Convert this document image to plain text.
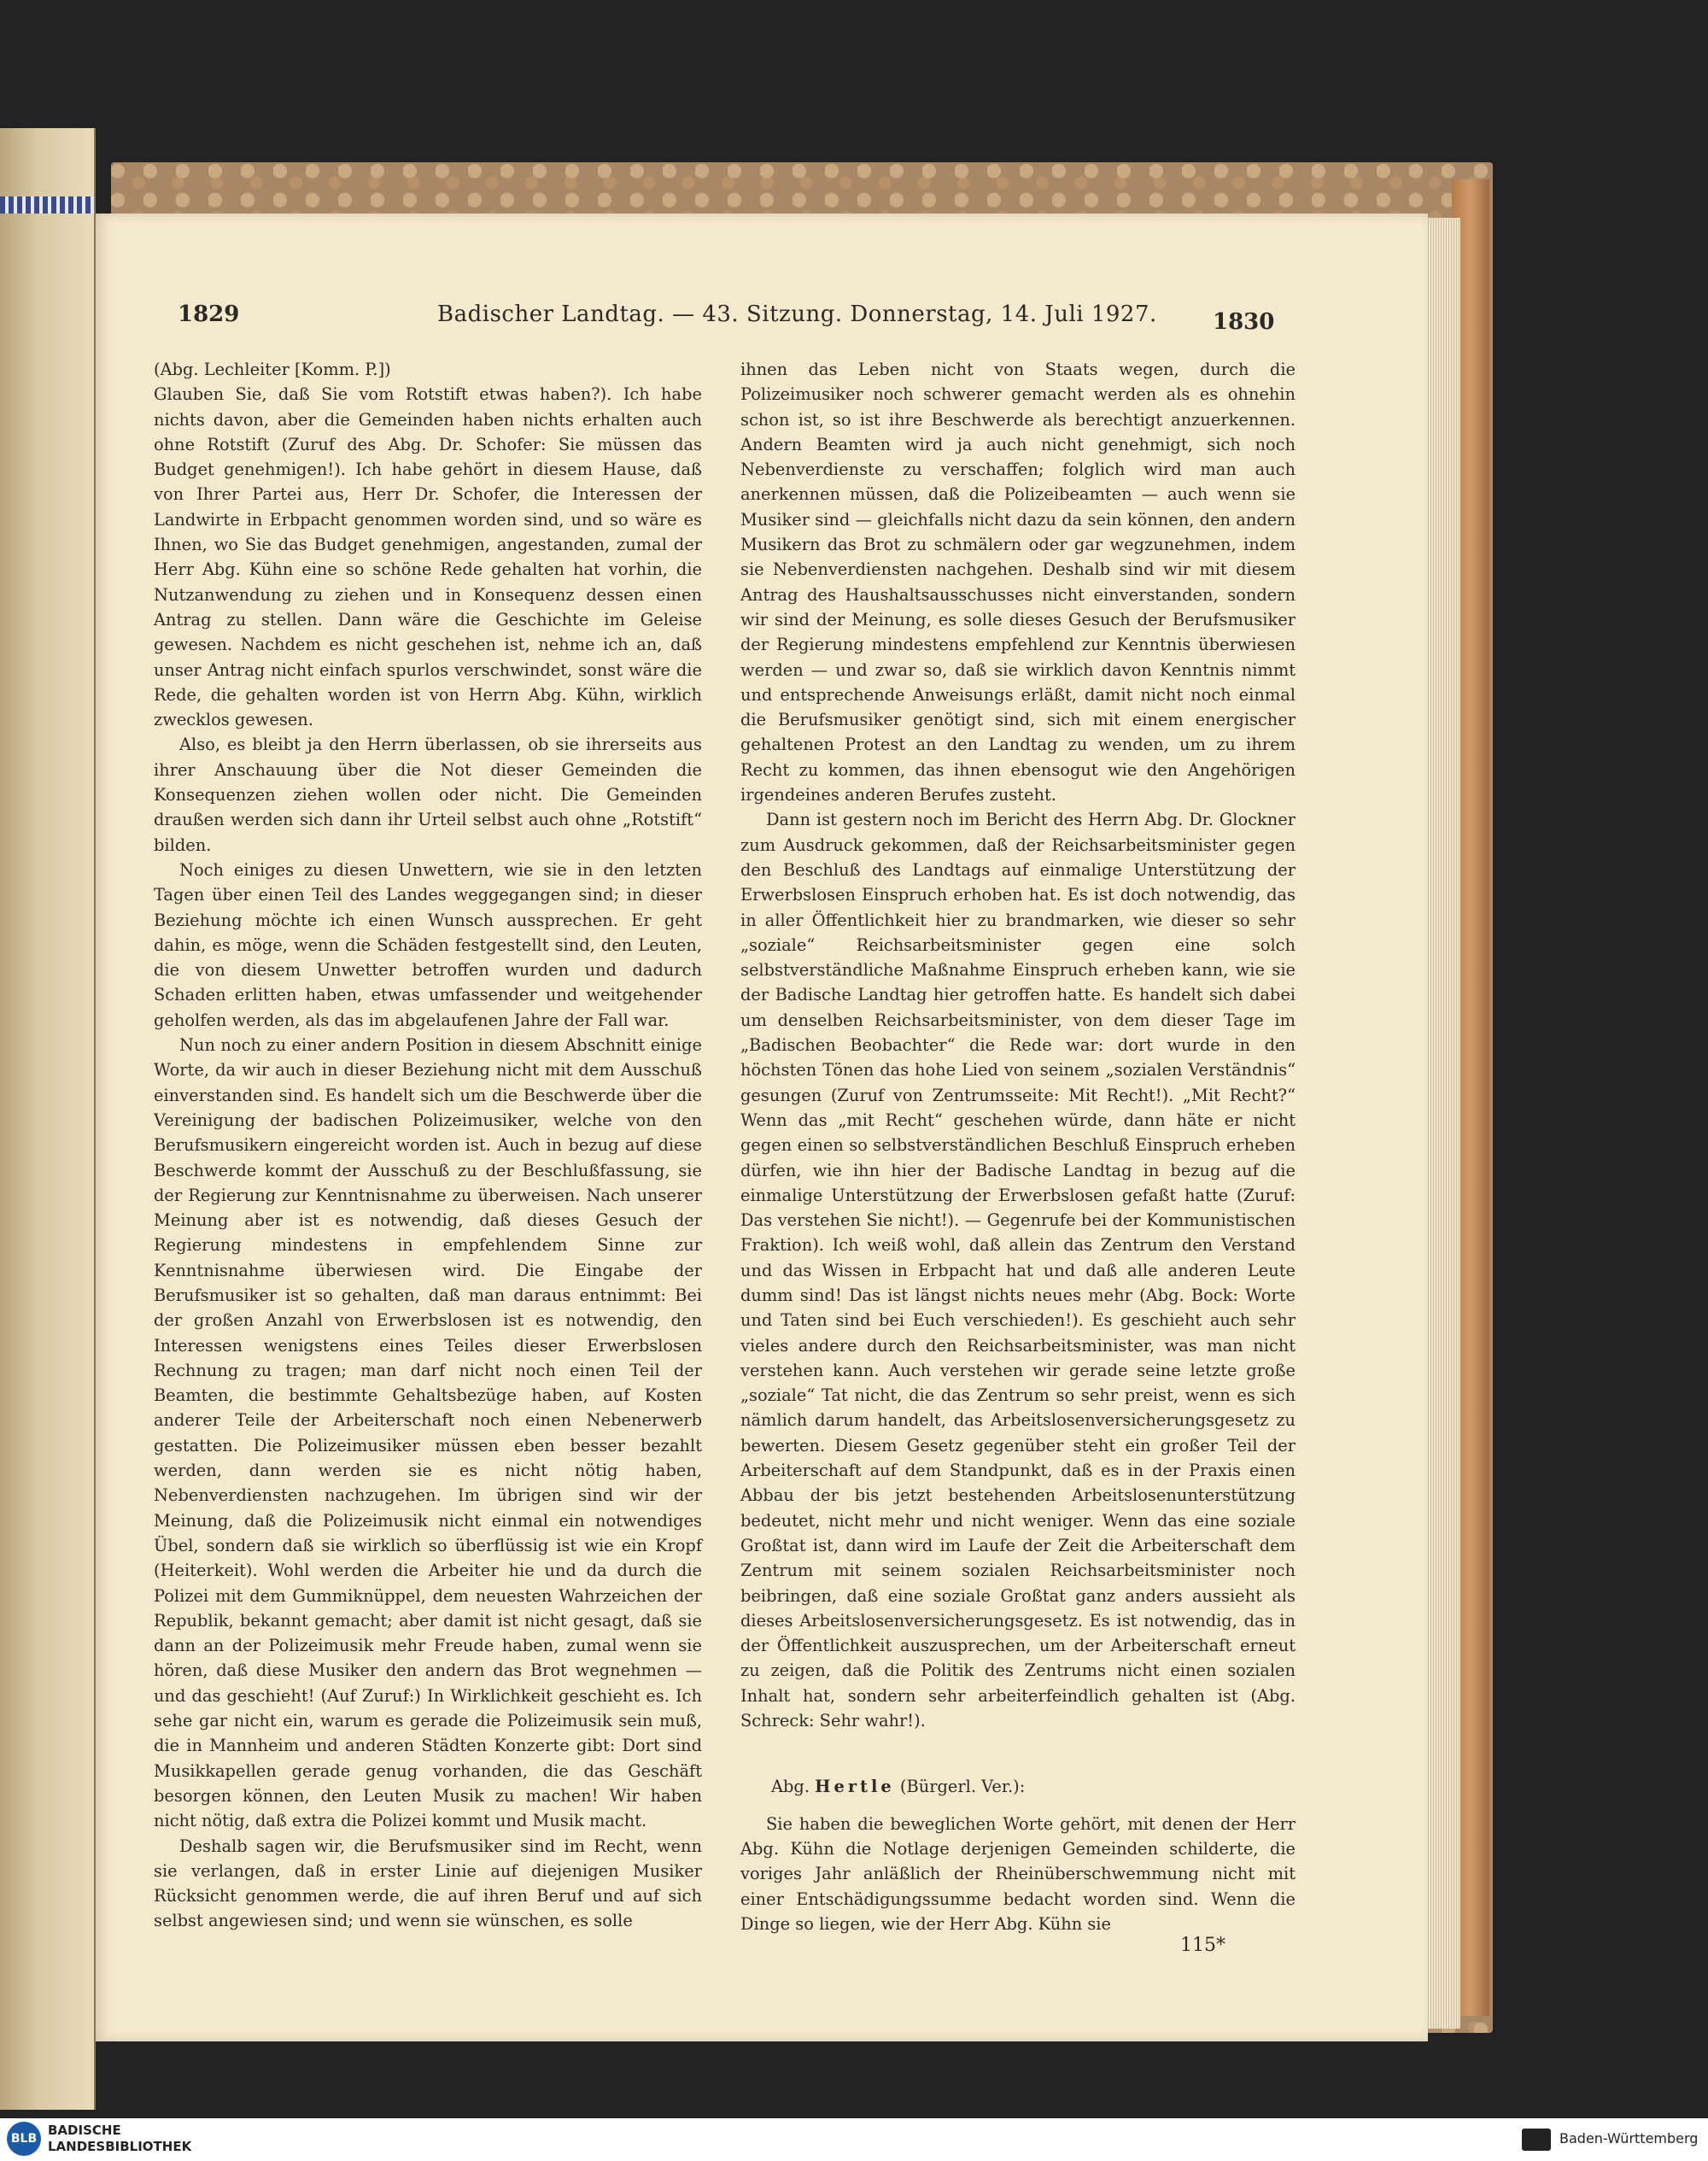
1829	Badischer Landtag. — 43. Sitzung. Donnerstag, 14. Juli 1927.	1830

(Abg. Lechleiter [Komm. P.])

Glauben Sie, daß Sie vom Rotstift etwas haben?). Ich habe nichts davon, aber die Gemeinden haben nichts erhalten auch ohne Rotstift (Zuruf des Abg. Dr. Schofer: Sie müssen das Budget genehmigen!). Ich habe gehört in diesem Hause, daß von Ihrer Partei aus, Herr Dr. Schofer, die Interessen der Landwirte in Erbpacht genommen worden sind, und so wäre es Ihnen, wo Sie das Budget genehmigen, angestanden, zumal der Herr Abg. Kühn eine so schöne Rede gehalten hat vorhin, die Nutzanwendung zu ziehen und in Konsequenz dessen einen Antrag zu stellen. Dann wäre die Geschichte im Geleise gewesen. Nachdem es nicht geschehen ist, nehme ich an, daß unser Antrag nicht einfach spurlos verschwindet, sonst wäre die Rede, die gehalten worden ist von Herrn Abg. Kühn, wirklich zwecklos gewesen.

Also, es bleibt ja den Herrn überlassen, ob sie ihrerseits aus ihrer Anschauung über die Not dieser Gemeinden die Konsequenzen ziehen wollen oder nicht. Die Gemeinden draußen werden sich dann ihr Urteil selbst auch ohne „Rotstift“ bilden.

Noch einiges zu diesen Unwettern, wie sie in den letzten Tagen über einen Teil des Landes weggegangen sind; in dieser Beziehung möchte ich einen Wunsch aussprechen. Er geht dahin, es möge, wenn die Schäden festgestellt sind, den Leuten, die von diesem Unwetter betroffen wurden und dadurch Schaden erlitten haben, etwas umfassender und weitgehender geholfen werden, als das im abgelaufenen Jahre der Fall war.

Nun noch zu einer andern Position in diesem Abschnitt einige Worte, da wir auch in dieser Beziehung nicht mit dem Ausschuß einverstanden sind. Es handelt sich um die Beschwerde über die Vereinigung der badischen Polizeimusiker, welche von den Berufsmusikern eingereicht worden ist. Auch in bezug auf diese Beschwerde kommt der Ausschuß zu der Beschlußfassung, sie der Regierung zur Kenntnisnahme zu überweisen. Nach unserer Meinung aber ist es notwendig, daß dieses Gesuch der Regierung mindestens in empfehlendem Sinne zur Kenntnisnahme überwiesen wird. Die Eingabe der Berufsmusiker ist so gehalten, daß man daraus entnimmt: Bei der großen Anzahl von Erwerbslosen ist es notwendig, den Interessen wenigstens eines Teiles dieser Erwerbslosen Rechnung zu tragen; man darf nicht noch einen Teil der Beamten, die bestimmte Gehaltsbezüge haben, auf Kosten anderer Teile der Arbeiterschaft noch einen Nebenerwerb gestatten. Die Polizeimusiker müssen eben besser bezahlt werden, dann werden sie es nicht nötig haben, Nebenverdiensten nachzugehen. Im übrigen sind wir der Meinung, daß die Polizeimusik nicht einmal ein notwendiges Übel, sondern daß sie wirklich so überflüssig ist wie ein Kropf (Heiterkeit). Wohl werden die Arbeiter hie und da durch die Polizei mit dem Gummiknüppel, dem neuesten Wahrzeichen der Republik, bekannt gemacht; aber damit ist nicht gesagt, daß sie dann an der Polizeimusik mehr Freude haben, zumal wenn sie hören, daß diese Musiker den andern das Brot wegnehmen — und das geschieht! (Auf Zuruf:) In Wirklichkeit geschieht es. Ich sehe gar nicht ein, warum es gerade die Polizeimusik sein muß, die in Mannheim und anderen Städten Konzerte gibt: Dort sind Musikkapellen gerade genug vorhanden, die das Geschäft besorgen können, den Leuten Musik zu machen! Wir haben nicht nötig, daß extra die Polizei kommt und Musik macht.

Deshalb sagen wir, die Berufsmusiker sind im Recht, wenn sie verlangen, daß in erster Linie auf diejenigen Musiker Rücksicht genommen werde, die auf ihren Beruf und auf sich selbst angewiesen sind; und wenn sie wünschen, es solle

ihnen das Leben nicht von Staats wegen, durch die Polizeimusiker noch schwerer gemacht werden als es ohnehin schon ist, so ist ihre Beschwerde als berechtigt anzuerkennen. Andern Beamten wird ja auch nicht genehmigt, sich noch Nebenverdienste zu verschaffen; folglich wird man auch anerkennen müssen, daß die Polizeibeamten — auch wenn sie Musiker sind — gleichfalls nicht dazu da sein können, den andern Musikern das Brot zu schmälern oder gar wegzunehmen, indem sie Nebenverdiensten nachgehen. Deshalb sind wir mit diesem Antrag des Haushaltsausschusses nicht einverstanden, sondern wir sind der Meinung, es solle dieses Gesuch der Berufsmusiker der Regierung mindestens empfehlend zur Kenntnis überwiesen werden — und zwar so, daß sie wirklich davon Kenntnis nimmt und entsprechende Anweisungs erläßt, damit nicht noch einmal die Berufsmusiker genötigt sind, sich mit einem energischer gehaltenen Protest an den Landtag zu wenden, um zu ihrem Recht zu kommen, das ihnen ebensogut wie den Angehörigen irgendeines anderen Berufes zusteht.

Dann ist gestern noch im Bericht des Herrn Abg. Dr. Glockner zum Ausdruck gekommen, daß der Reichsarbeitsminister gegen den Beschluß des Landtags auf einmalige Unterstützung der Erwerbslosen Einspruch erhoben hat. Es ist doch notwendig, das in aller Öffentlichkeit hier zu brandmarken, wie dieser so sehr „soziale“ Reichsarbeitsminister gegen eine solch selbstverständliche Maßnahme Einspruch erheben kann, wie sie der Badische Landtag hier getroffen hatte. Es handelt sich dabei um denselben Reichsarbeitsminister, von dem dieser Tage im „Badischen Beobachter“ die Rede war: dort wurde in den höchsten Tönen das hohe Lied von seinem „sozialen Verständnis“ gesungen (Zuruf von Zentrumsseite: Mit Recht!). „Mit Recht?“ Wenn das „mit Recht“ geschehen würde, dann häte er nicht gegen einen so selbstverständlichen Beschluß Einspruch erheben dürfen, wie ihn hier der Badische Landtag in bezug auf die einmalige Unterstützung der Erwerbslosen gefaßt hatte (Zuruf: Das verstehen Sie nicht!). — Gegenrufe bei der Kommunistischen Fraktion). Ich weiß wohl, daß allein das Zentrum den Verstand und das Wissen in Erbpacht hat und daß alle anderen Leute dumm sind! Das ist längst nichts neues mehr (Abg. Bock: Worte und Taten sind bei Euch verschieden!). Es geschieht auch sehr vieles andere durch den Reichsarbeitsminister, was man nicht verstehen kann. Auch verstehen wir gerade seine letzte große „soziale“ Tat nicht, die das Zentrum so sehr preist, wenn es sich nämlich darum handelt, das Arbeitslosenversicherungsgesetz zu bewerten. Diesem Gesetz gegenüber steht ein großer Teil der Arbeiterschaft auf dem Standpunkt, daß es in der Praxis einen Abbau der bis jetzt bestehenden Arbeitslosenunterstützung bedeutet, nicht mehr und nicht weniger. Wenn das eine soziale Großtat ist, dann wird im Laufe der Zeit die Arbeiterschaft dem Zentrum mit seinem sozialen Reichsarbeitsminister noch beibringen, daß eine soziale Großtat ganz anders aussieht als dieses Arbeitslosenversicherungsgesetz. Es ist notwendig, das in der Öffentlichkeit auszusprechen, um der Arbeiterschaft erneut zu zeigen, daß die Politik des Zentrums nicht einen sozialen Inhalt hat, sondern sehr arbeiterfeindlich gehalten ist (Abg. Schreck: Sehr wahr!).

Abg. Hertle (Bürgerl. Ver.):

Sie haben die beweglichen Worte gehört, mit denen der Herr Abg. Kühn die Notlage derjenigen Gemeinden schilderte, die voriges Jahr anläßlich der Rheinüberschwemmung nicht mit einer Entschädigungssumme bedacht worden sind. Wenn die Dinge so liegen, wie der Herr Abg. Kühn sie

115*
BLB
BADISCHE
LANDESBIBLIOTHEK	Baden-Württemberg
